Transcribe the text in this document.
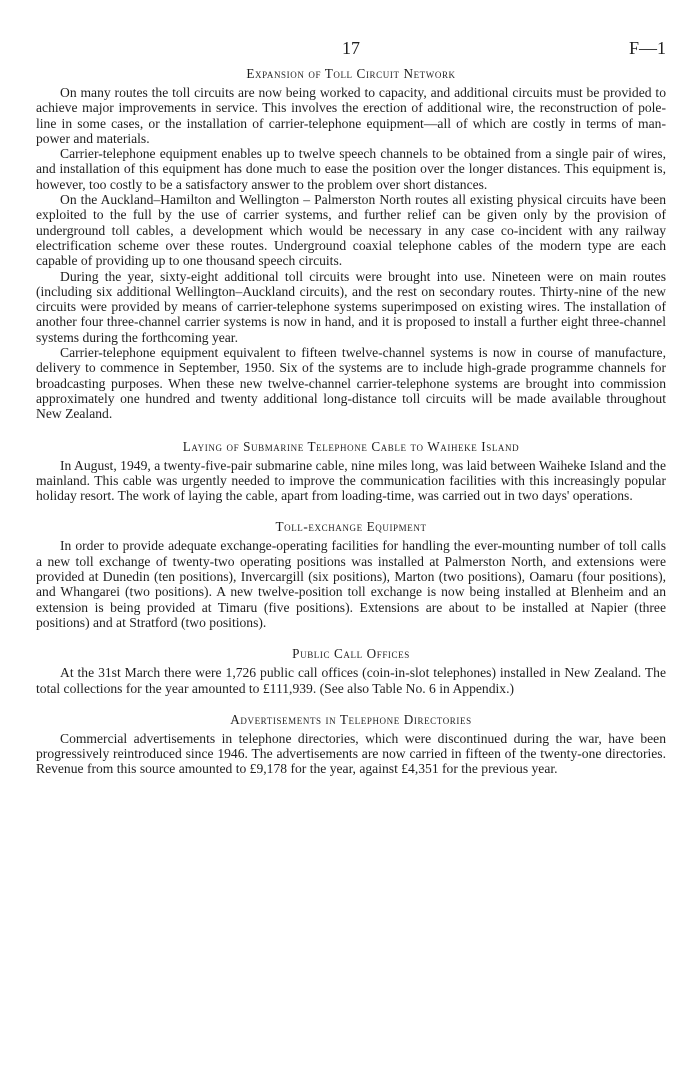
17	F—1
Expansion of Toll Circuit Network

On many routes the toll circuits are now being worked to capacity, and additional circuits must be provided to achieve major improvements in service. This involves the erection of additional wire, the reconstruction of pole-line in some cases, or the installation of carrier-telephone equipment—all of which are costly in terms of man-power and materials.

Carrier-telephone equipment enables up to twelve speech channels to be obtained from a single pair of wires, and installation of this equipment has done much to ease the position over the longer distances. This equipment is, however, too costly to be a satisfactory answer to the problem over short distances.

On the Auckland–Hamilton and Wellington – Palmerston North routes all existing physical circuits have been exploited to the full by the use of carrier systems, and further relief can be given only by the provision of underground toll cables, a development which would be necessary in any case co-incident with any railway electrification scheme over these routes. Underground coaxial telephone cables of the modern type are each capable of providing up to one thousand speech circuits.

During the year, sixty-eight additional toll circuits were brought into use. Nineteen were on main routes (including six additional Wellington–Auckland circuits), and the rest on secondary routes. Thirty-nine of the new circuits were provided by means of carrier-telephone systems superimposed on existing wires. The installation of another four three-channel carrier systems is now in hand, and it is proposed to install a further eight three-channel systems during the forthcoming year.

Carrier-telephone equipment equivalent to fifteen twelve-channel systems is now in course of manufacture, delivery to commence in September, 1950. Six of the systems are to include high-grade programme channels for broadcasting purposes. When these new twelve-channel carrier-telephone systems are brought into commission approximately one hundred and twenty additional long-distance toll circuits will be made available throughout New Zealand.

Laying of Submarine Telephone Cable to Waiheke Island

In August, 1949, a twenty-five-pair submarine cable, nine miles long, was laid between Waiheke Island and the mainland. This cable was urgently needed to improve the communication facilities with this increasingly popular holiday resort. The work of laying the cable, apart from loading-time, was carried out in two days' operations.

Toll-exchange Equipment

In order to provide adequate exchange-operating facilities for handling the ever-mounting number of toll calls a new toll exchange of twenty-two operating positions was installed at Palmerston North, and extensions were provided at Dunedin (ten positions), Invercargill (six positions), Marton (two positions), Oamaru (four positions), and Whangarei (two positions). A new twelve-position toll exchange is now being installed at Blenheim and an extension is being provided at Timaru (five positions). Extensions are about to be installed at Napier (three positions) and at Stratford (two positions).

Public Call Offices

At the 31st March there were 1,726 public call offices (coin-in-slot telephones) installed in New Zealand. The total collections for the year amounted to £111,939. (See also Table No. 6 in Appendix.)

Advertisements in Telephone Directories

Commercial advertisements in telephone directories, which were discontinued during the war, have been progressively reintroduced since 1946. The advertisements are now carried in fifteen of the twenty-one directories. Revenue from this source amounted to £9,178 for the year, against £4,351 for the previous year.
